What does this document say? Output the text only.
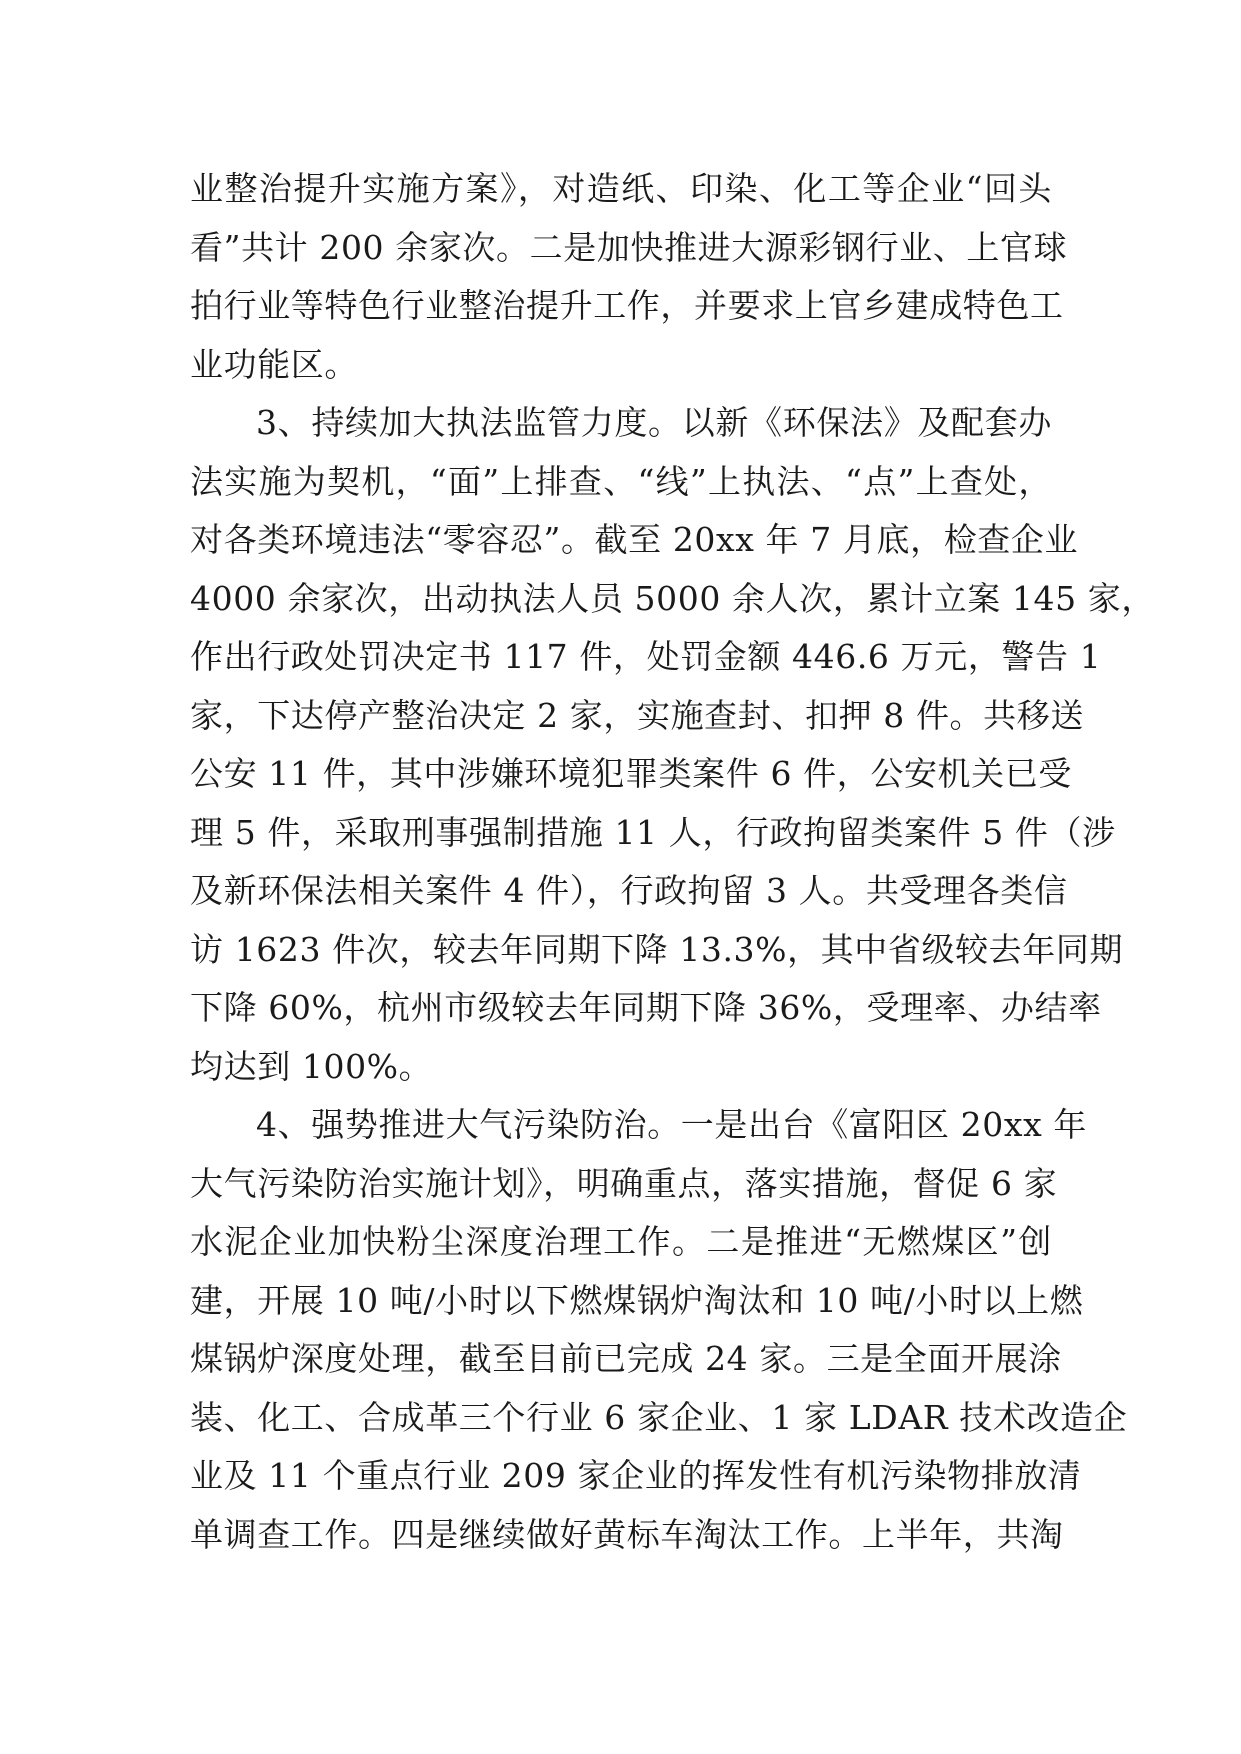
业整治提升实施方案》，对造纸、印染、化工等企业“回头
看”共计 200 余家次。二是加快推进大源彩钢行业、上官球
拍行业等特色行业整治提升工作，并要求上官乡建成特色工
业功能区。
3、持续加大执法监管力度。以新《环保法》及配套办
法实施为契机，“面”上排查、“线”上执法、“点”上查处，
对各类环境违法“零容忍”。截至 20xx 年 7 月底，检查企业
4000 余家次，出动执法人员 5000 余人次，累计立案 145 家，
作出行政处罚决定书 117 件，处罚金额 446.6 万元，警告 1
家，下达停产整治决定 2 家，实施查封、扣押 8 件。共移送
公安 11 件，其中涉嫌环境犯罪类案件 6 件，公安机关已受
理 5 件，采取刑事强制措施 11 人，行政拘留类案件 5 件（涉
及新环保法相关案件 4 件），行政拘留 3 人。共受理各类信
访 1623 件次，较去年同期下降 13.3%，其中省级较去年同期
下降 60%，杭州市级较去年同期下降 36%，受理率、办结率
均达到 100%。
4、强势推进大气污染防治。一是出台《富阳区 20xx 年
大气污染防治实施计划》，明确重点，落实措施，督促 6 家
水泥企业加快粉尘深度治理工作。二是推进“无燃煤区”创
建，开展 10 吨/小时以下燃煤锅炉淘汰和 10 吨/小时以上燃
煤锅炉深度处理，截至目前已完成 24 家。三是全面开展涂
装、化工、合成革三个行业 6 家企业、1 家 LDAR 技术改造企
业及 11 个重点行业 209 家企业的挥发性有机污染物排放清
单调查工作。四是继续做好黄标车淘汰工作。上半年，共淘
